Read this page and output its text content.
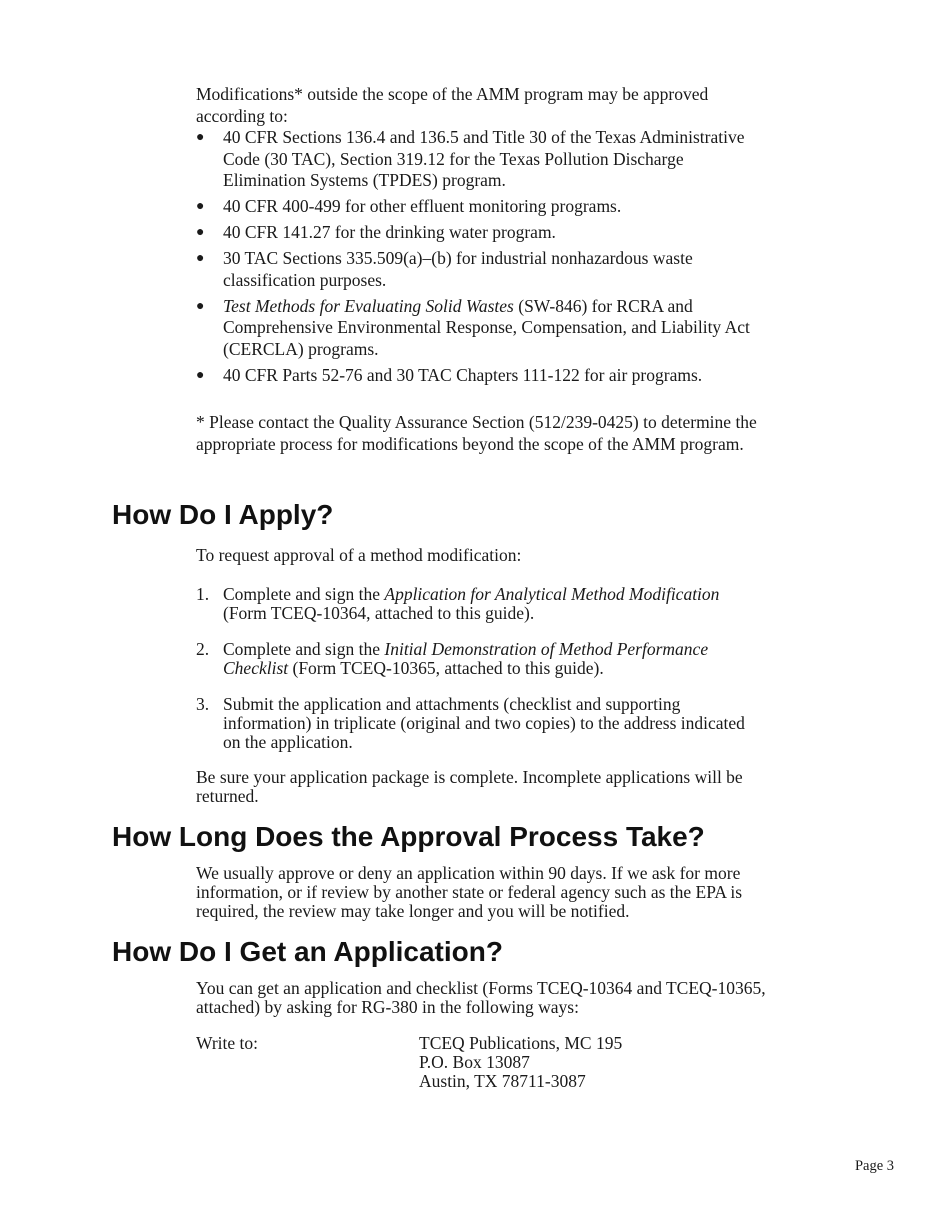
Modifications* outside the scope of the AMM program may be approved according to:

● 40 CFR Sections 136.4 and 136.5 and Title 30 of the Texas Administrative Code (30 TAC), Section 319.12 for the Texas Pollution Discharge Elimination Systems (TPDES) program.
● 40 CFR 400-499 for other effluent monitoring programs.
● 40 CFR 141.27 for the drinking water program.
● 30 TAC Sections 335.509(a)–(b) for industrial nonhazardous waste classification purposes.
● Test Methods for Evaluating Solid Wastes (SW-846) for RCRA and Comprehensive Environmental Response, Compensation, and Liability Act (CERCLA) programs.
● 40 CFR Parts 52-76 and 30 TAC Chapters 111-122 for air programs.

* Please contact the Quality Assurance Section (512/239-0425) to determine the appropriate process for modifications beyond the scope of the AMM program.

How Do I Apply?

To request approval of a method modification:

1. Complete and sign the Application for Analytical Method Modification (Form TCEQ-10364, attached to this guide).
2. Complete and sign the Initial Demonstration of Method Performance Checklist (Form TCEQ-10365, attached to this guide).
3. Submit the application and attachments (checklist and supporting information) in triplicate (original and two copies) to the address indicated on the application.

Be sure your application package is complete. Incomplete applications will be returned.

How Long Does the Approval Process Take?

We usually approve or deny an application within 90 days. If we ask for more information, or if review by another state or federal agency such as the EPA is required, the review may take longer and you will be notified.

How Do I Get an Application?

You can get an application and checklist (Forms TCEQ-10364 and TCEQ-10365, attached) by asking for RG-380 in the following ways:

Write to:	TCEQ Publications, MC 195
P.O. Box 13087
Austin, TX 78711-3087
Page 3
